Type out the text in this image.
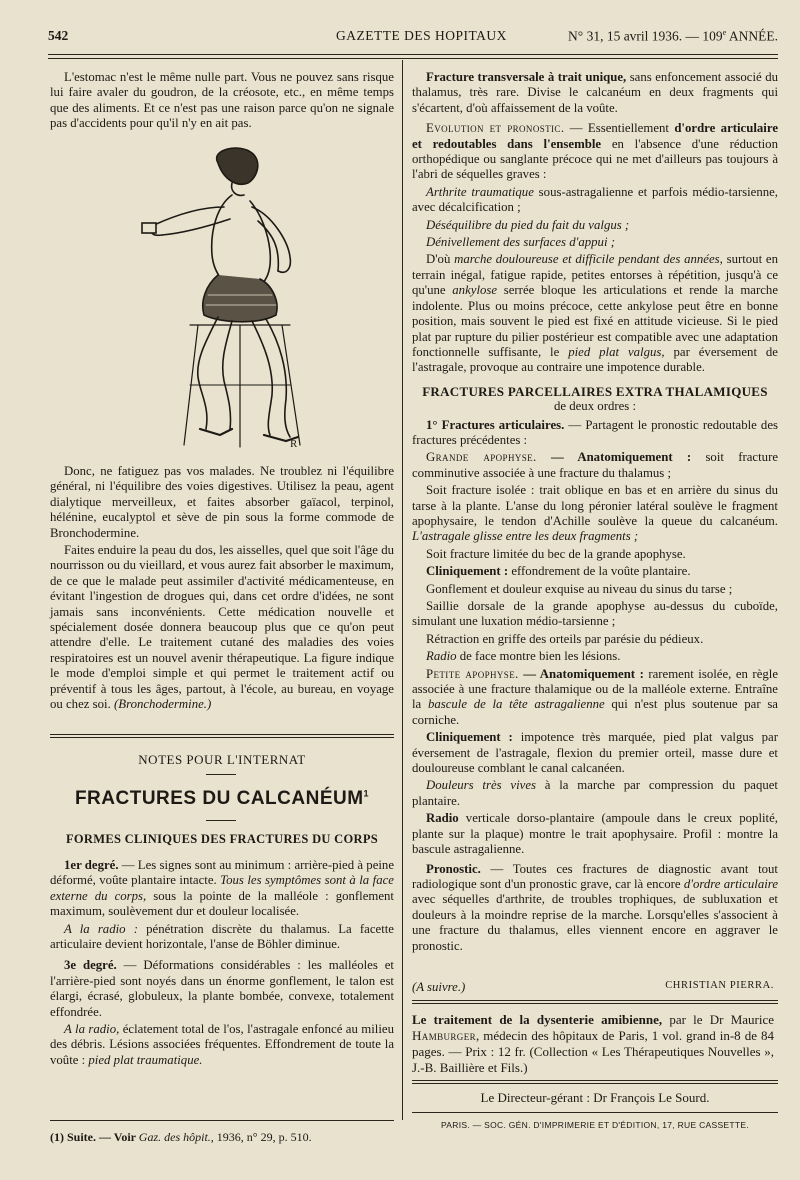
542	GAZETTE DES HOPITAUX	N° 31, 15 avril 1936. — 109e ANNÉE.

L'estomac n'est le même nulle part. Vous ne pouvez sans risque lui faire avaler du goudron, de la créosote, etc., en même temps que des aliments. Et ce n'est pas une raison parce qu'on ne signale pas d'accidents pour qu'il n'y en ait pas.

R

Donc, ne fatiguez pas vos malades. Ne troublez ni l'équilibre général, ni l'équilibre des voies digestives. Utilisez la peau, agent dialytique merveilleux, et faites absorber gaïacol, terpinol, hélénine, eucalyptol et sève de pin sous la forme commode de Bronchodermine.

Faites enduire la peau du dos, les aisselles, quel que soit l'âge du nourrisson ou du vieillard, et vous aurez fait absorber le maximum, de ce que le malade peut assimiler d'activité médicamenteuse, en évitant l'ingestion de drogues qui, dans cet ordre d'idées, ne sont jamais sans inconvénients. Cette médication nouvelle et spécialement dosée donnera beaucoup plus que ce qu'on peut attendre d'elle. Le traitement cutané des maladies des voies respiratoires est un nouvel avenir thérapeutique. La figure indique le mode d'emploi simple et qui permet le traitement actif ou préventif à tous les âges, partout, à l'école, au bureau, en voyage ou chez soi. (Bronchodermine.)

NOTES POUR L'INTERNAT
FRACTURES DU CALCANÉUM$^1$
FORMES CLINIQUES DES FRACTURES DU CORPS

1er degré. — Les signes sont au minimum : arrière-pied à peine déformé, voûte plantaire intacte. Tous les symptômes sont à la face externe du corps, sous la pointe de la malléole : gonflement maximum, soulèvement dur et douleur localisée.

A la radio : pénétration discrète du thalamus. La facette articulaire devient horizontale, l'anse de Böhler diminue.

3e degré. — Déformations considérables : les malléoles et l'arrière-pied sont noyés dans un énorme gonflement, le talon est élargi, écrasé, globuleux, la plante bombée, convexe, totalement effondrée.

A la radio, éclatement total de l'os, l'astragale enfoncé au milieu des débris. Lésions associées fréquentes. Effondrement de toute la voûte : pied plat traumatique.

(1) Suite. — Voir Gaz. des hôpit., 1936, n° 29, p. 510.

Fracture transversale à trait unique, sans enfoncement associé du thalamus, très rare. Divise le calcanéum en deux fragments qui s'écartent, d'où affaissement de la voûte.

Evolution et pronostic. — Essentiellement d'ordre articulaire et redoutables dans l'ensemble en l'absence d'une réduction orthopédique ou sanglante précoce qui ne met d'ailleurs pas toujours à l'abri de séquelles graves :

Arthrite traumatique sous-astragalienne et parfois médio-tarsienne, avec décalcification ;

Déséquilibre du pied du fait du valgus ;

Dénivellement des surfaces d'appui ;

D'où marche douloureuse et difficile pendant des années, surtout en terrain inégal, fatigue rapide, petites entorses à répétition, jusqu'à ce qu'une ankylose serrée bloque les articulations et rende la marche indolente. Plus ou moins précoce, cette ankylose peut être en bonne position, mais souvent le pied est fixé en attitude vicieuse. Si le pied plat par rupture du pilier postérieur est compatible avec une adaptation fonctionnelle suffisante, le pied plat valgus, par éversement de l'astragale, provoque au contraire une impotence durable.

FRACTURES PARCELLAIRES EXTRA THALAMIQUES
de deux ordres :

1° Fractures articulaires. — Partagent le pronostic redoutable des fractures précédentes :

Grande apophyse. — Anatomiquement : soit fracture comminutive associée à une fracture du thalamus ;

Soit fracture isolée : trait oblique en bas et en arrière du sinus du tarse à la plante. L'anse du long péronier latéral soulève le fragment apophysaire, le tendon d'Achille soulève la queue du calcanéum. L'astragale glisse entre les deux fragments ;

Soit fracture limitée du bec de la grande apophyse.

Cliniquement : effondrement de la voûte plantaire.

Gonflement et douleur exquise au niveau du sinus du tarse ;

Saillie dorsale de la grande apophyse au-dessus du cuboïde, simulant une luxation médio-tarsienne ;

Rétraction en griffe des orteils par parésie du pédieux.

Radio de face montre bien les lésions.

Petite apophyse. — Anatomiquement : rarement isolée, en règle associée à une fracture thalamique ou de la malléole externe. Entraîne la bascule de la tête astragalienne qui n'est plus soutenue par sa corniche.

Cliniquement : impotence très marquée, pied plat valgus par éversement de l'astragale, flexion du premier orteil, masse dure et douloureuse comblant le canal calcanéen.

Douleurs très vives à la marche par compression du paquet plantaire.

Radio verticale dorso-plantaire (ampoule dans le creux poplité, plante sur la plaque) montre le trait apophysaire. Profil : montre la bascule astragalienne.

Pronostic. — Toutes ces fractures de diagnostic avant tout radiologique sont d'un pronostic grave, car là encore d'ordre articulaire avec séquelles d'arthrite, de troubles trophiques, de subluxation et douleurs à la moindre reprise de la marche. Lorsqu'elles s'associent à une fracture du thalamus, elles viennent encore en aggraver le pronostic.

(A suivre.)	CHRISTIAN PIERRA.
Le traitement de la dysenterie amibienne, par le Dr Maurice Hamburger, médecin des hôpitaux de Paris, 1 vol. grand in-8 de 84 pages. — Prix : 12 fr. (Collection « Les Thérapeutiques Nouvelles », J.-B. Baillière et Fils.)
Le Directeur-gérant : Dr François Le Sourd.
PARIS. — SOC. GÉN. D'IMPRIMERIE ET D'ÉDITION, 17, RUE CASSETTE.
